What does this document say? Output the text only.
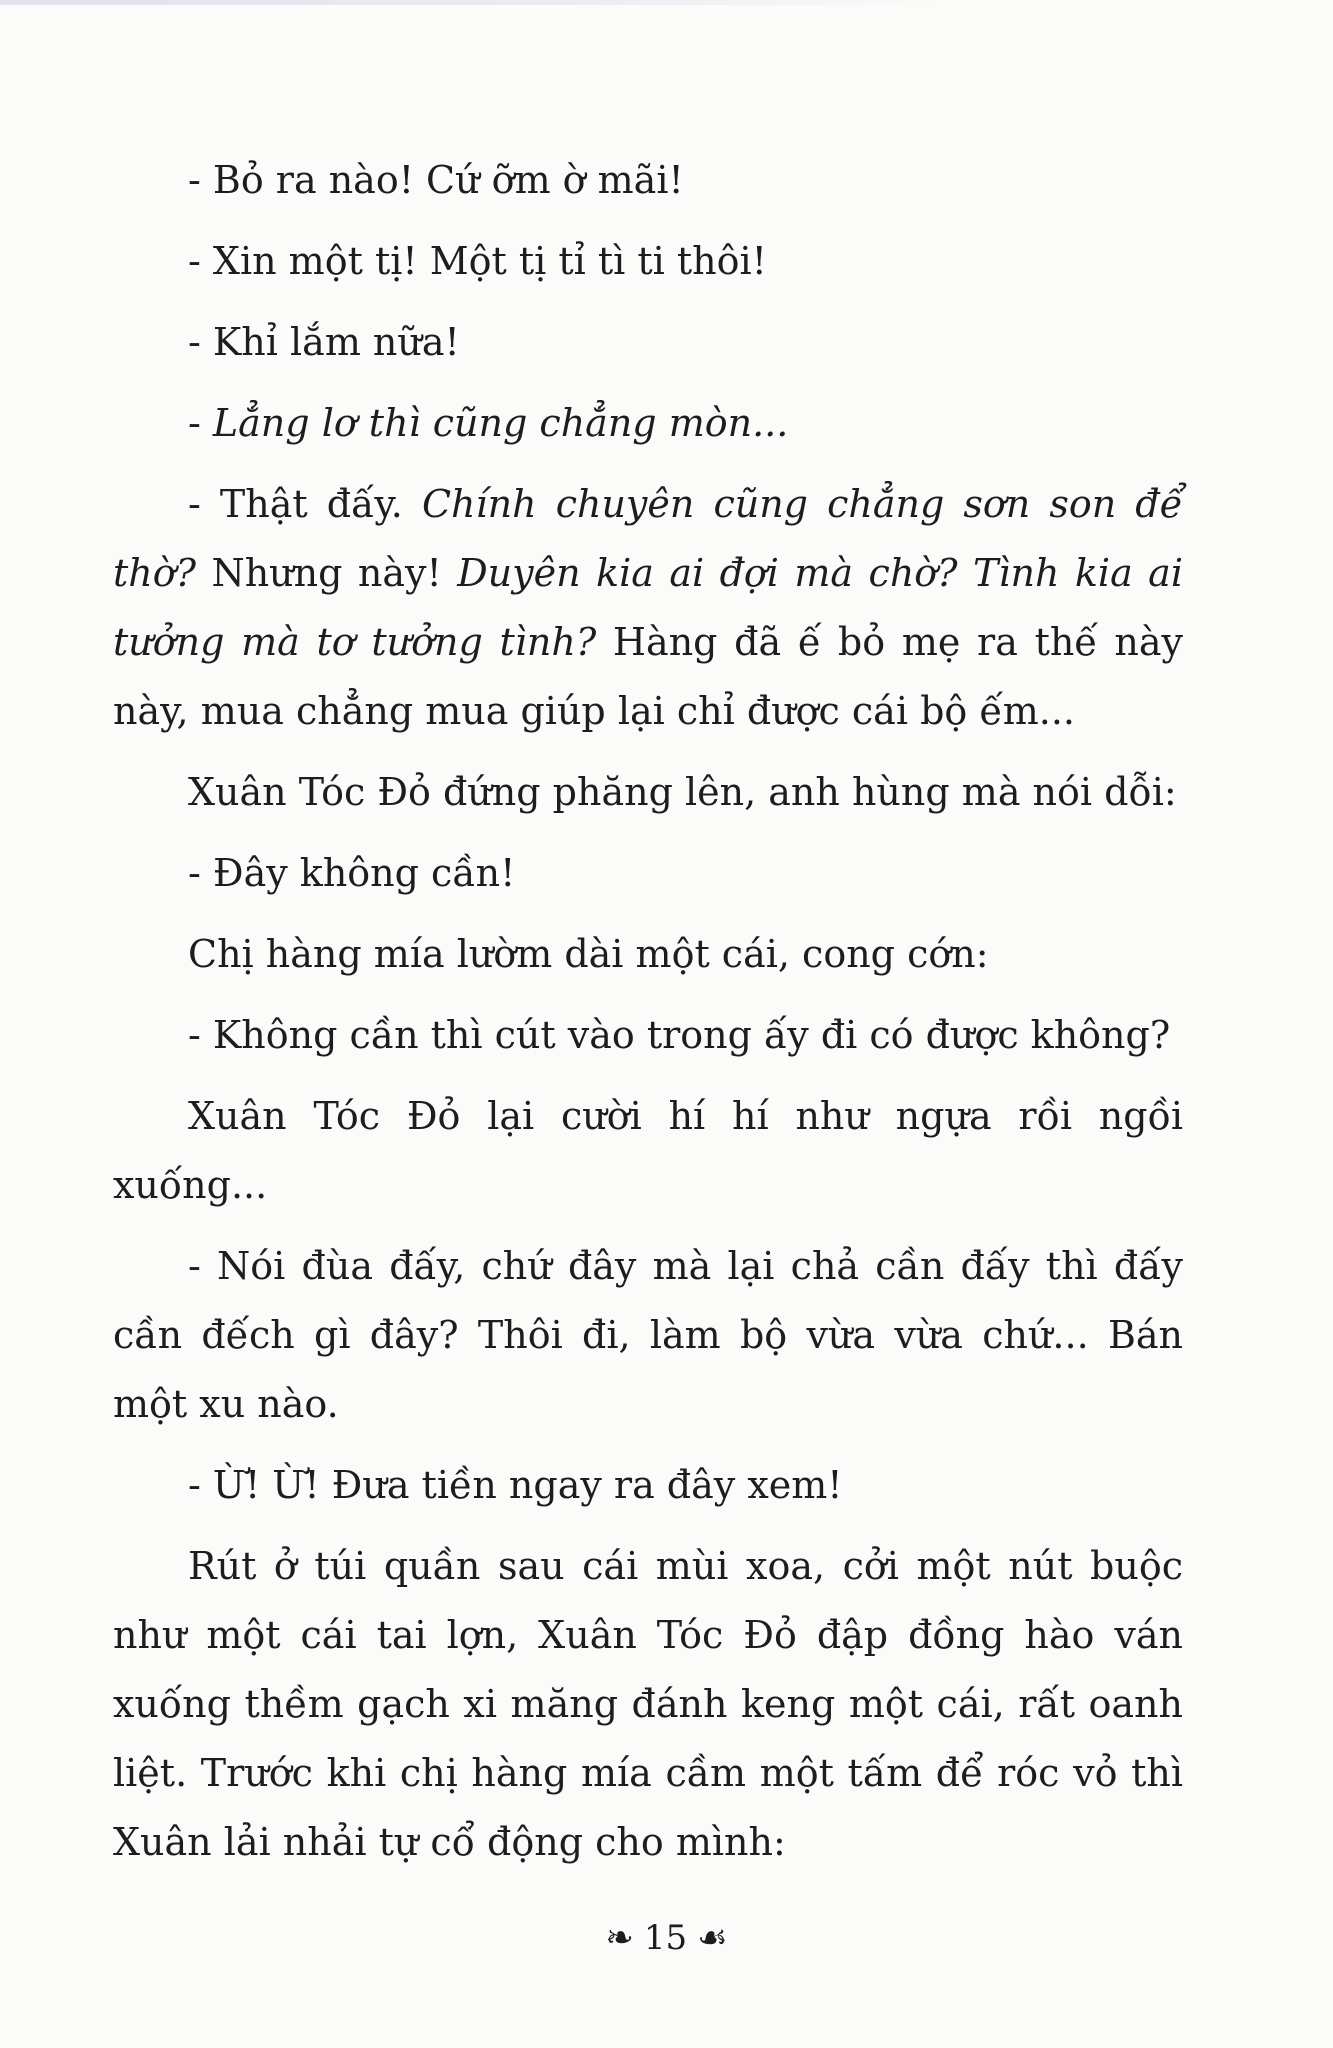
- Bỏ ra nào! Cứ ỡm ờ mãi!

- Xin một tị! Một tị tỉ tì ti thôi!

- Khỉ lắm nữa!

- Lẳng lơ thì cũng chẳng mòn...

- Thật đấy. Chính chuyên cũng chẳng sơn son để thờ? Nhưng này! Duyên kia ai đợi mà chờ? Tình kia ai tưởng mà tơ tưởng tình? Hàng đã ế bỏ mẹ ra thế này này, mua chẳng mua giúp lại chỉ được cái bộ ếm...

Xuân Tóc Đỏ đứng phăng lên, anh hùng mà nói dỗi:

- Đây không cần!

Chị hàng mía lườm dài một cái, cong cớn:

- Không cần thì cút vào trong ấy đi có được không?

Xuân Tóc Đỏ lại cười hí hí như ngựa rồi ngồi xuống...

- Nói đùa đấy, chứ đây mà lại chả cần đấy thì đấy cần đếch gì đây? Thôi đi, làm bộ vừa vừa chứ... Bán một xu nào.

- Ừ! Ừ! Đưa tiền ngay ra đây xem!

Rút ở túi quần sau cái mùi xoa, cởi một nút buộc như một cái tai lợn, Xuân Tóc Đỏ đập đồng hào ván xuống thềm gạch xi măng đánh keng một cái, rất oanh liệt. Trước khi chị hàng mía cầm một tấm để róc vỏ thì Xuân lải nhải tự cổ động cho mình:

❧ 15 ☙
